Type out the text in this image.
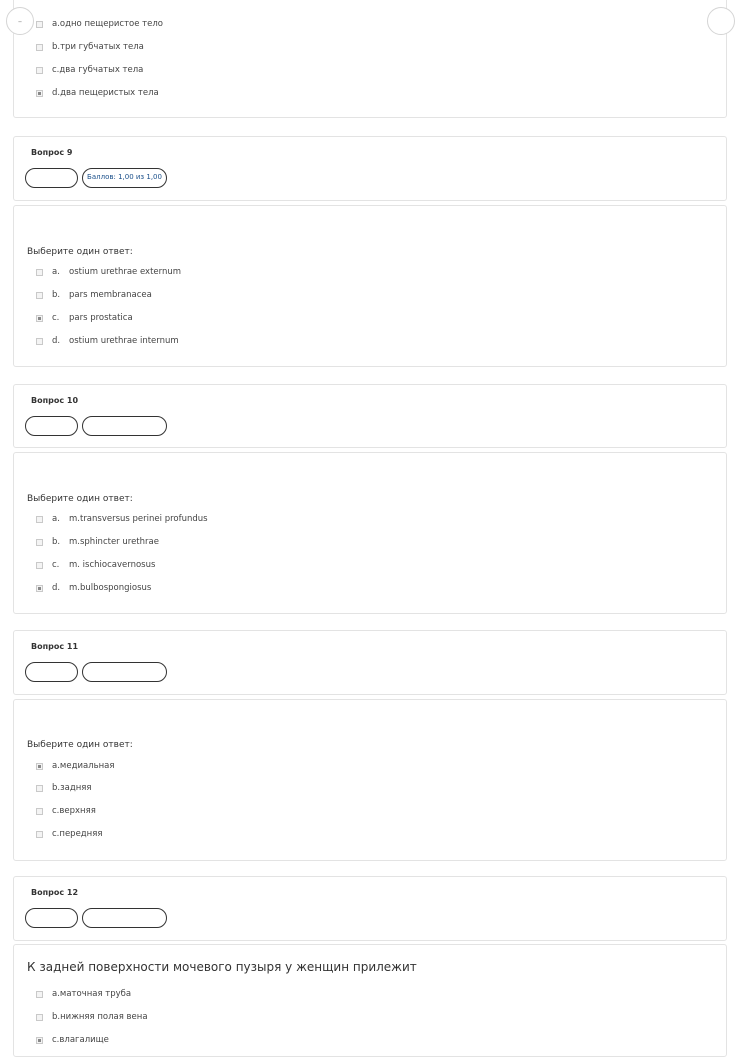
a. одно пещеристое тело
b. три губчатых тела
c. два губчатых тела
d. два пещеристых тела
–
Вопрос 9
Баллов: 1,00 из 1,00
Выберите один ответ:
a.	ostium urethrae externum
b.	pars membranacea
c.	pars prostatica
d.	ostium urethrae internum
Вопрос 10
Выберите один ответ:
a.	m.transversus perinei profundus
b.	m.sphincter urethrae
c.	m. ischiocavernosus
d.	m.bulbospongiosus
Вопрос 11
Выберите один ответ:
a. медиальная
b. задняя
c. верхняя
c. передняя
Вопрос 12
К задней поверхности мочевого пузыря у женщин прилежит
a. маточная труба
b. нижняя полая вена
c. влагалище
